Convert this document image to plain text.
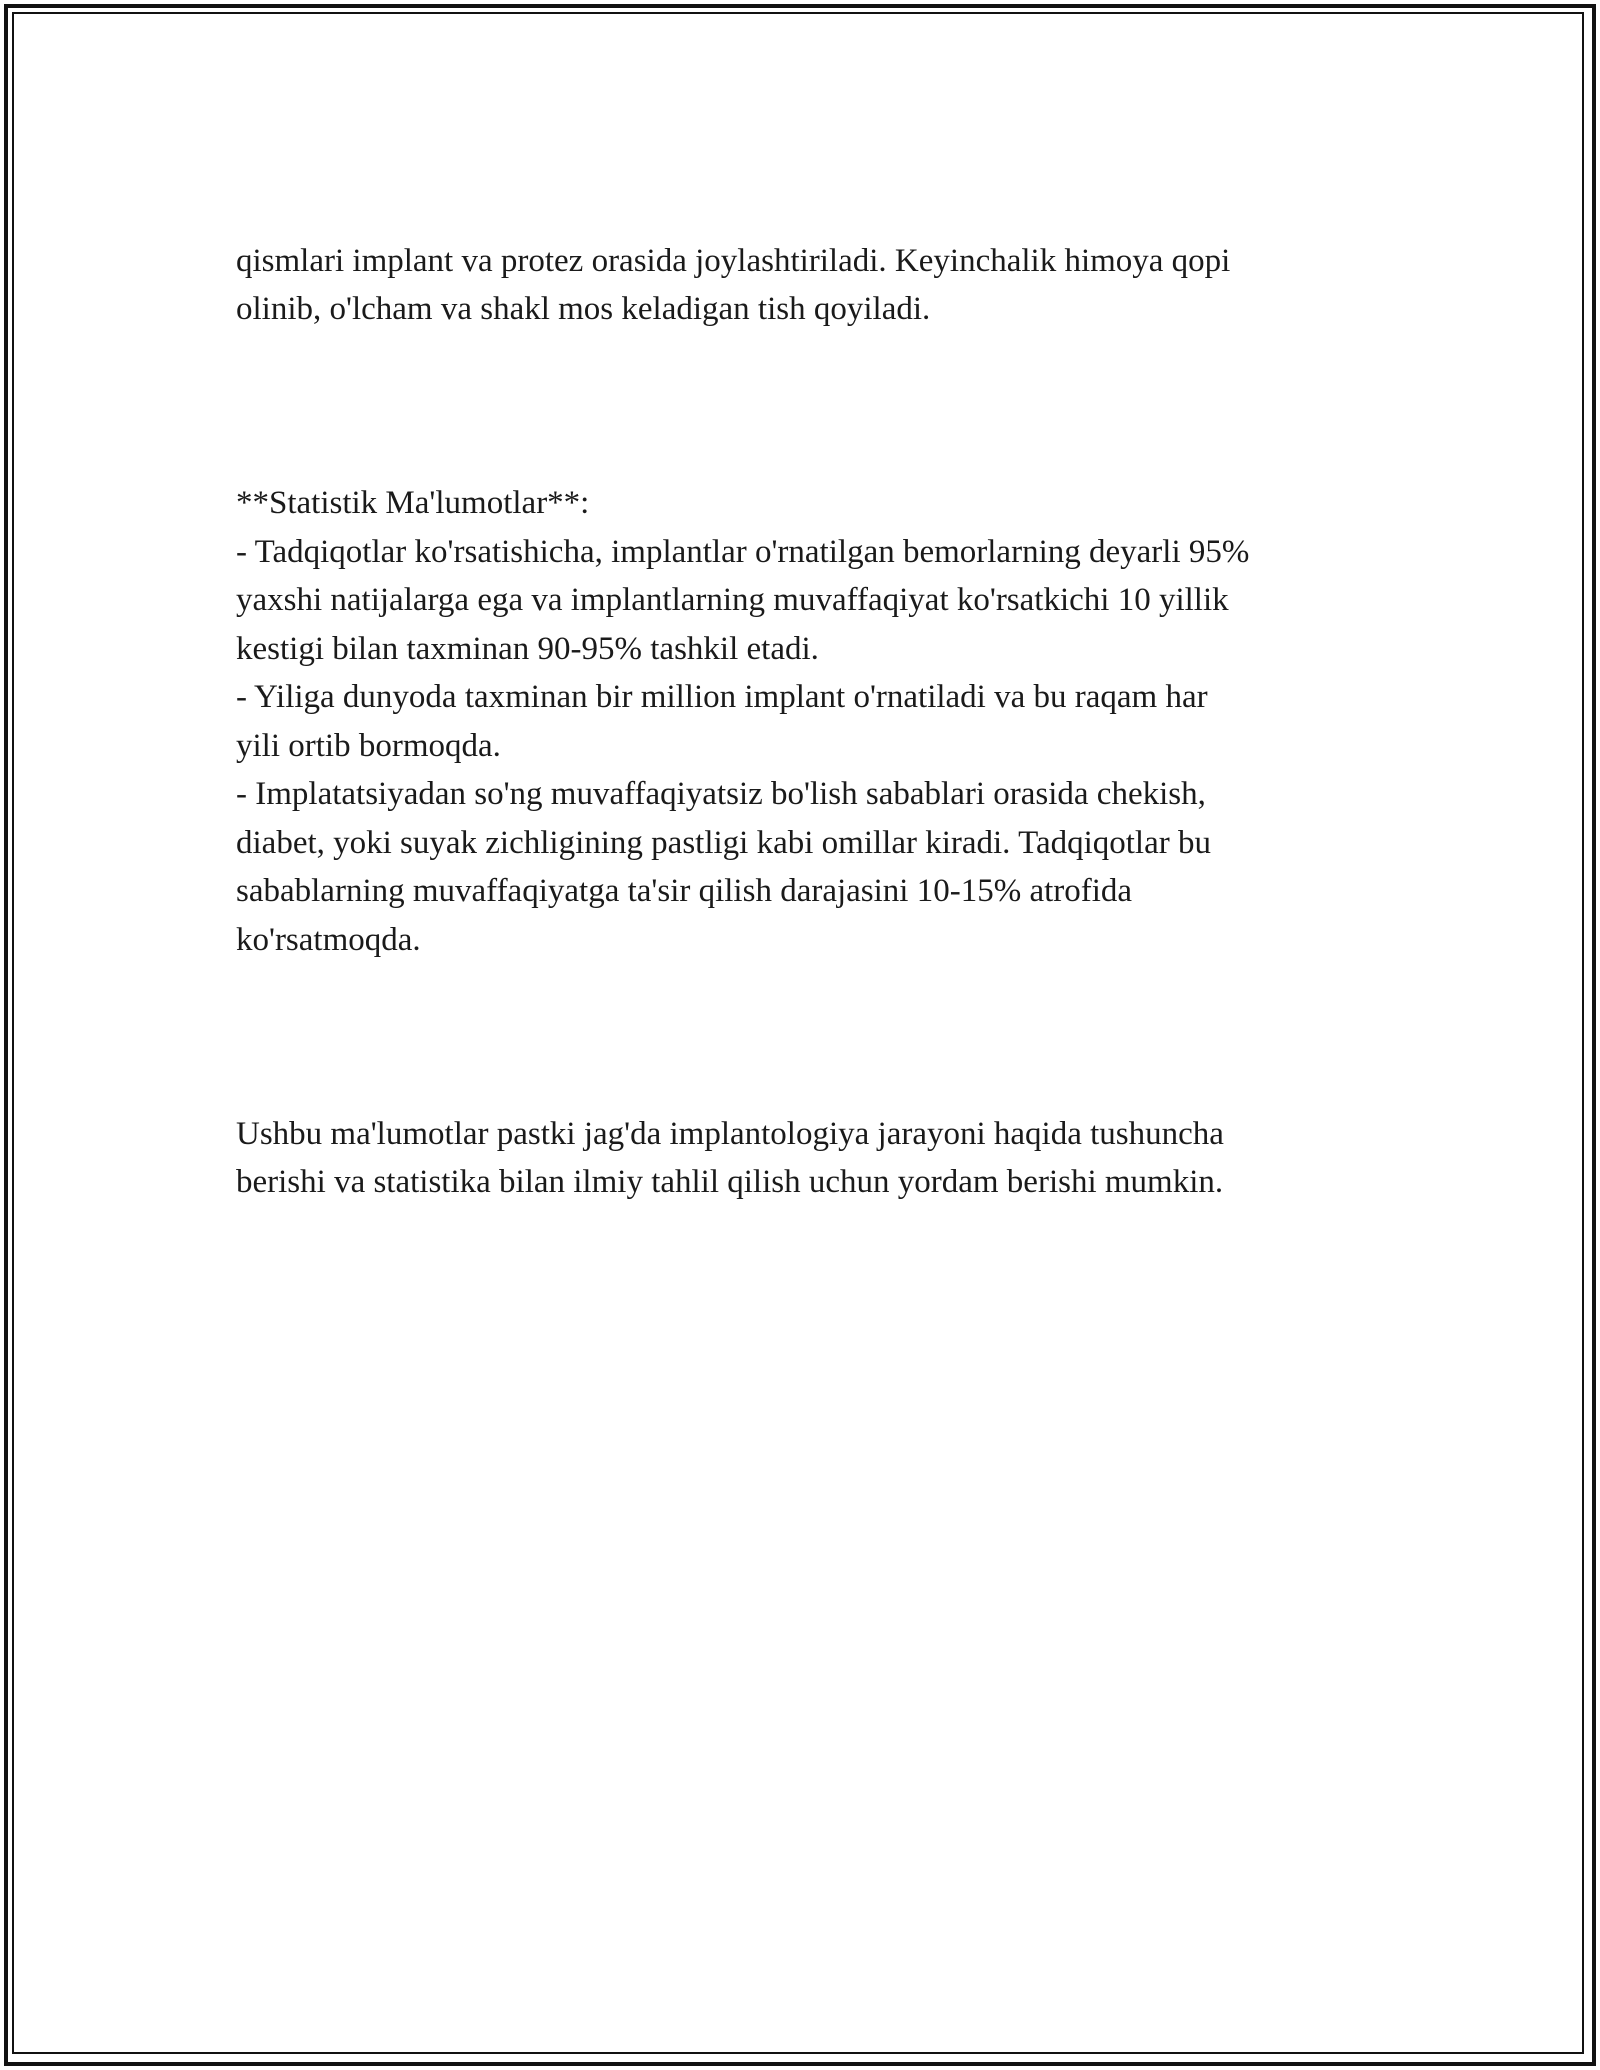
qismlari implant va protez orasida joylashtiriladi. Keyinchalik himoya qopi
olinib, o'lcham va shakl mos keladigan tish qoyiladi.

**Statistik Ma'lumotlar**:
- Tadqiqotlar ko'rsatishicha, implantlar o'rnatilgan bemorlarning deyarli 95%
yaxshi natijalarga ega va implantlarning muvaffaqiyat ko'rsatkichi 10 yillik
kestigi bilan taxminan 90-95% tashkil etadi.
- Yiliga dunyoda taxminan bir million implant o'rnatiladi va bu raqam har
yili ortib bormoqda.
- Implatatsiyadan so'ng muvaffaqiyatsiz bo'lish sabablari orasida chekish,
diabet, yoki suyak zichligining pastligi kabi omillar kiradi. Tadqiqotlar bu
sabablarning muvaffaqiyatga ta'sir qilish darajasini 10-15% atrofida
ko'rsatmoqda.

Ushbu ma'lumotlar pastki jag'da implantologiya jarayoni haqida tushuncha
berishi va statistika bilan ilmiy tahlil qilish uchun yordam berishi mumkin.
